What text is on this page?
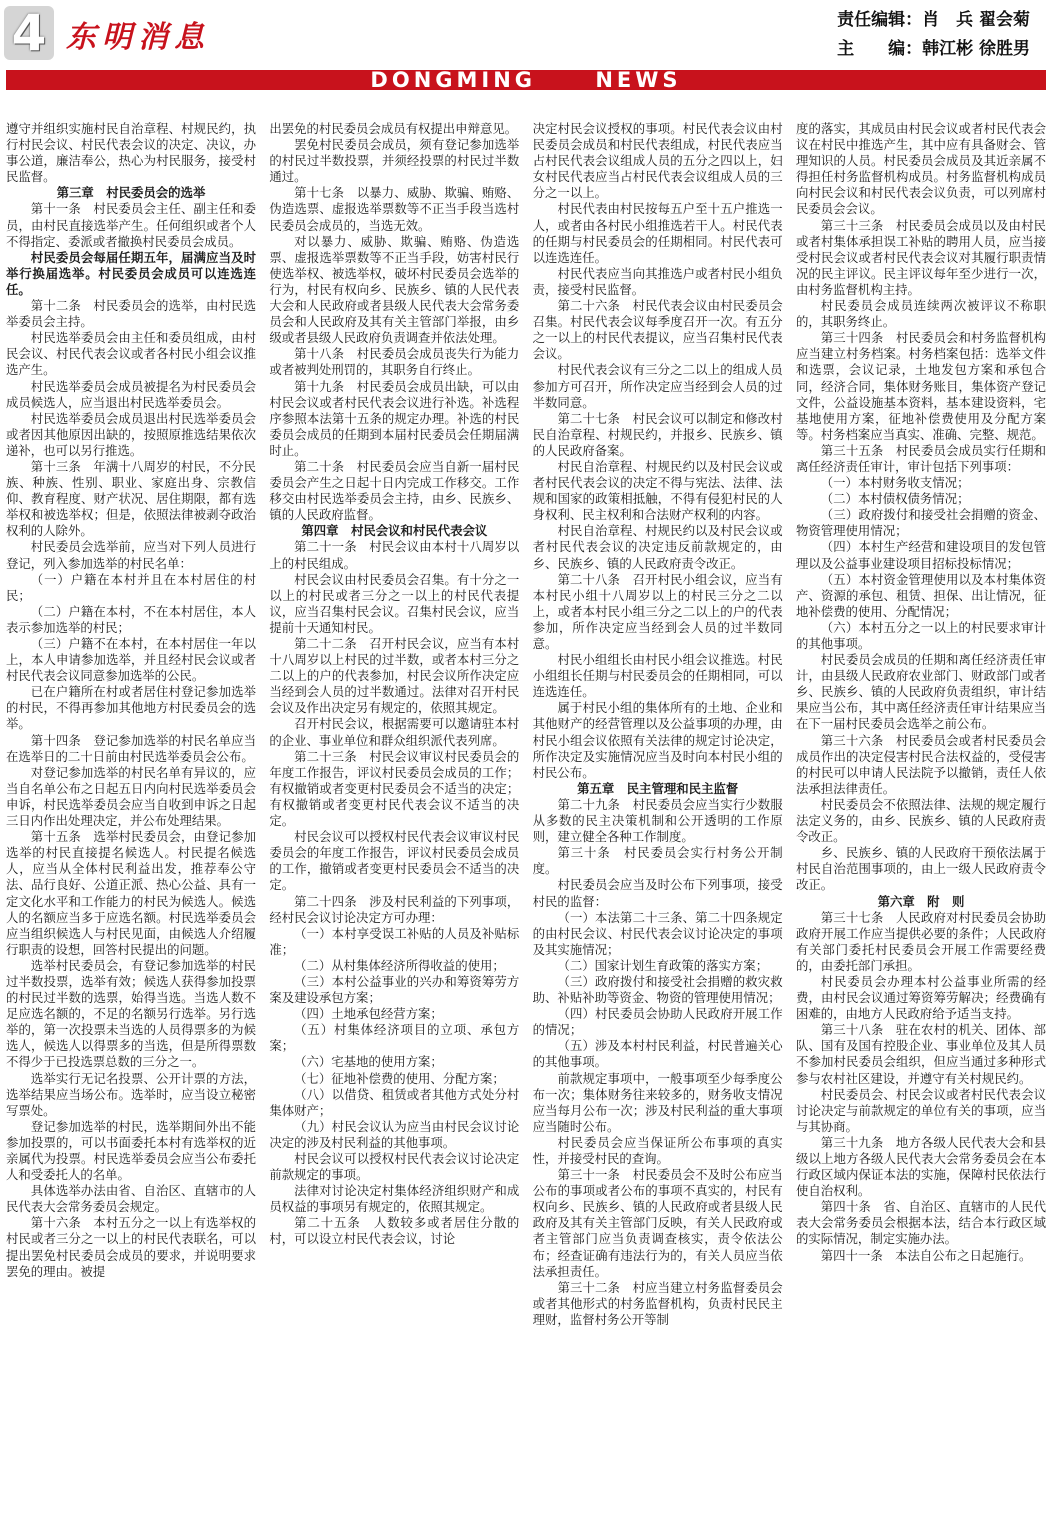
4 东明消息	责任编辑：肖　兵 翟会菊
主　　编：韩江彬 徐胜男
DONGMING NEWS

遵守并组织实施村民自治章程、村规民约，执行村民会议、村民代表会议的决定、决议，办事公道，廉洁奉公，热心为村民服务，接受村民监督。

第三章　村民委员会的选举

第十一条　村民委员会主任、副主任和委员，由村民直接选举产生。任何组织或者个人不得指定、委派或者撤换村民委员会成员。

村民委员会每届任期五年，届满应当及时举行换届选举。村民委员会成员可以连选连任。

第十二条　村民委员会的选举，由村民选举委员会主持。

村民选举委员会由主任和委员组成，由村民会议、村民代表会议或者各村民小组会议推选产生。

村民选举委员会成员被提名为村民委员会成员候选人，应当退出村民选举委员会。

村民选举委员会成员退出村民选举委员会或者因其他原因出缺的，按照原推选结果依次递补，也可以另行推选。

第十三条　年满十八周岁的村民，不分民族、种族、性别、职业、家庭出身、宗教信仰、教育程度、财产状况、居住期限，都有选举权和被选举权；但是，依照法律被剥夺政治权利的人除外。

村民委员会选举前，应当对下列人员进行登记，列入参加选举的村民名单：

（一）户籍在本村并且在本村居住的村民；

（二）户籍在本村，不在本村居住，本人表示参加选举的村民；

（三）户籍不在本村，在本村居住一年以上，本人申请参加选举，并且经村民会议或者村民代表会议同意参加选举的公民。

已在户籍所在村或者居住村登记参加选举的村民，不得再参加其他地方村民委员会的选举。

第十四条　登记参加选举的村民名单应当在选举日的二十日前由村民选举委员会公布。

对登记参加选举的村民名单有异议的，应当自名单公布之日起五日内向村民选举委员会申诉，村民选举委员会应当自收到申诉之日起三日内作出处理决定，并公布处理结果。

第十五条　选举村民委员会，由登记参加选举的村民直接提名候选人。村民提名候选人，应当从全体村民利益出发，推荐奉公守法、品行良好、公道正派、热心公益、具有一定文化水平和工作能力的村民为候选人。候选人的名额应当多于应选名额。村民选举委员会应当组织候选人与村民见面，由候选人介绍履行职责的设想，回答村民提出的问题。

选举村民委员会，有登记参加选举的村民过半数投票，选举有效；候选人获得参加投票的村民过半数的选票，始得当选。当选人数不足应选名额的，不足的名额另行选举。另行选举的，第一次投票未当选的人员得票多的为候选人，候选人以得票多的当选，但是所得票数不得少于已投选票总数的三分之一。

选举实行无记名投票、公开计票的方法，选举结果应当场公布。选举时，应当设立秘密写票处。

登记参加选举的村民，选举期间外出不能参加投票的，可以书面委托本村有选举权的近亲属代为投票。村民选举委员会应当公布委托人和受委托人的名单。

具体选举办法由省、自治区、直辖市的人民代表大会常务委员会规定。

第十六条　本村五分之一以上有选举权的村民或者三分之一以上的村民代表联名，可以提出罢免村民委员会成员的要求，并说明要求罢免的理由。被提

出罢免的村民委员会成员有权提出申辩意见。

罢免村民委员会成员，须有登记参加选举的村民过半数投票，并须经投票的村民过半数通过。

第十七条　以暴力、威胁、欺骗、贿赂、伪造选票、虚报选举票数等不正当手段当选村民委员会成员的，当选无效。

对以暴力、威胁、欺骗、贿赂、伪造选票、虚报选举票数等不正当手段，妨害村民行使选举权、被选举权，破坏村民委员会选举的行为，村民有权向乡、民族乡、镇的人民代表大会和人民政府或者县级人民代表大会常务委员会和人民政府及其有关主管部门举报，由乡级或者县级人民政府负责调查并依法处理。

第十八条　村民委员会成员丧失行为能力或者被判处刑罚的，其职务自行终止。

第十九条　村民委员会成员出缺，可以由村民会议或者村民代表会议进行补选。补选程序参照本法第十五条的规定办理。补选的村民委员会成员的任期到本届村民委员会任期届满时止。

第二十条　村民委员会应当自新一届村民委员会产生之日起十日内完成工作移交。工作移交由村民选举委员会主持，由乡、民族乡、镇的人民政府监督。

第四章　村民会议和村民代表会议

第二十一条　村民会议由本村十八周岁以上的村民组成。

村民会议由村民委员会召集。有十分之一以上的村民或者三分之一以上的村民代表提议，应当召集村民会议。召集村民会议，应当提前十天通知村民。

第二十二条　召开村民会议，应当有本村十八周岁以上村民的过半数，或者本村三分之二以上的户的代表参加，村民会议所作决定应当经到会人员的过半数通过。法律对召开村民会议及作出决定另有规定的，依照其规定。

召开村民会议，根据需要可以邀请驻本村的企业、事业单位和群众组织派代表列席。

第二十三条　村民会议审议村民委员会的年度工作报告，评议村民委员会成员的工作；有权撤销或者变更村民委员会不适当的决定；有权撤销或者变更村民代表会议不适当的决定。

村民会议可以授权村民代表会议审议村民委员会的年度工作报告，评议村民委员会成员的工作，撤销或者变更村民委员会不适当的决定。

第二十四条　涉及村民利益的下列事项，经村民会议讨论决定方可办理：

（一）本村享受误工补贴的人员及补贴标准；

（二）从村集体经济所得收益的使用；

（三）本村公益事业的兴办和筹资筹劳方案及建设承包方案；

（四）土地承包经营方案；

（五）村集体经济项目的立项、承包方案；

（六）宅基地的使用方案；

（七）征地补偿费的使用、分配方案；

（八）以借贷、租赁或者其他方式处分村集体财产；

（九）村民会议认为应当由村民会议讨论决定的涉及村民利益的其他事项。

村民会议可以授权村民代表会议讨论决定前款规定的事项。

法律对讨论决定村集体经济组织财产和成员权益的事项另有规定的，依照其规定。

第二十五条　人数较多或者居住分散的村，可以设立村民代表会议，讨论

决定村民会议授权的事项。村民代表会议由村民委员会成员和村民代表组成，村民代表应当占村民代表会议组成人员的五分之四以上，妇女村民代表应当占村民代表会议组成人员的三分之一以上。

村民代表由村民按每五户至十五户推选一人，或者由各村民小组推选若干人。村民代表的任期与村民委员会的任期相同。村民代表可以连选连任。

村民代表应当向其推选户或者村民小组负责，接受村民监督。

第二十六条　村民代表会议由村民委员会召集。村民代表会议每季度召开一次。有五分之一以上的村民代表提议，应当召集村民代表会议。

村民代表会议有三分之二以上的组成人员参加方可召开，所作决定应当经到会人员的过半数同意。

第二十七条　村民会议可以制定和修改村民自治章程、村规民约，并报乡、民族乡、镇的人民政府备案。

村民自治章程、村规民约以及村民会议或者村民代表会议的决定不得与宪法、法律、法规和国家的政策相抵触，不得有侵犯村民的人身权利、民主权利和合法财产权利的内容。

村民自治章程、村规民约以及村民会议或者村民代表会议的决定违反前款规定的，由乡、民族乡、镇的人民政府责令改正。

第二十八条　召开村民小组会议，应当有本村民小组十八周岁以上的村民三分之二以上，或者本村民小组三分之二以上的户的代表参加，所作决定应当经到会人员的过半数同意。

村民小组组长由村民小组会议推选。村民小组组长任期与村民委员会的任期相同，可以连选连任。

属于村民小组的集体所有的土地、企业和其他财产的经营管理以及公益事项的办理，由村民小组会议依照有关法律的规定讨论决定，所作决定及实施情况应当及时向本村民小组的村民公布。

第五章　民主管理和民主监督

第二十九条　村民委员会应当实行少数服从多数的民主决策机制和公开透明的工作原则，建立健全各种工作制度。

第三十条　村民委员会实行村务公开制度。

村民委员会应当及时公布下列事项，接受村民的监督：

（一）本法第二十三条、第二十四条规定的由村民会议、村民代表会议讨论决定的事项及其实施情况；

（二）国家计划生育政策的落实方案；

（三）政府拨付和接受社会捐赠的救灾救助、补贴补助等资金、物资的管理使用情况；

（四）村民委员会协助人民政府开展工作的情况；

（五）涉及本村村民利益，村民普遍关心的其他事项。

前款规定事项中，一般事项至少每季度公布一次；集体财务往来较多的，财务收支情况应当每月公布一次；涉及村民利益的重大事项应当随时公布。

村民委员会应当保证所公布事项的真实性，并接受村民的查询。

第三十一条　村民委员会不及时公布应当公布的事项或者公布的事项不真实的，村民有权向乡、民族乡、镇的人民政府或者县级人民政府及其有关主管部门反映，有关人民政府或者主管部门应当负责调查核实，责令依法公布；经查证确有违法行为的，有关人员应当依法承担责任。

第三十二条　村应当建立村务监督委员会或者其他形式的村务监督机构，负责村民民主理财，监督村务公开等制

度的落实，其成员由村民会议或者村民代表会议在村民中推选产生，其中应有具备财会、管理知识的人员。村民委员会成员及其近亲属不得担任村务监督机构成员。村务监督机构成员向村民会议和村民代表会议负责，可以列席村民委员会会议。

第三十三条　村民委员会成员以及由村民或者村集体承担误工补贴的聘用人员，应当接受村民会议或者村民代表会议对其履行职责情况的民主评议。民主评议每年至少进行一次，由村务监督机构主持。

村民委员会成员连续两次被评议不称职的，其职务终止。

第三十四条　村民委员会和村务监督机构应当建立村务档案。村务档案包括：选举文件和选票，会议记录，土地发包方案和承包合同，经济合同，集体财务账目，集体资产登记文件，公益设施基本资料，基本建设资料，宅基地使用方案，征地补偿费使用及分配方案等。村务档案应当真实、准确、完整、规范。

第三十五条　村民委员会成员实行任期和离任经济责任审计，审计包括下列事项：

（一）本村财务收支情况；

（二）本村债权债务情况；

（三）政府拨付和接受社会捐赠的资金、物资管理使用情况；

（四）本村生产经营和建设项目的发包管理以及公益事业建设项目招标投标情况；

（五）本村资金管理使用以及本村集体资产、资源的承包、租赁、担保、出让情况，征地补偿费的使用、分配情况；

（六）本村五分之一以上的村民要求审计的其他事项。

村民委员会成员的任期和离任经济责任审计，由县级人民政府农业部门、财政部门或者乡、民族乡、镇的人民政府负责组织，审计结果应当公布，其中离任经济责任审计结果应当在下一届村民委员会选举之前公布。

第三十六条　村民委员会或者村民委员会成员作出的决定侵害村民合法权益的，受侵害的村民可以申请人民法院予以撤销，责任人依法承担法律责任。

村民委员会不依照法律、法规的规定履行法定义务的，由乡、民族乡、镇的人民政府责令改正。

乡、民族乡、镇的人民政府干预依法属于村民自治范围事项的，由上一级人民政府责令改正。

第六章　附　则

第三十七条　人民政府对村民委员会协助政府开展工作应当提供必要的条件；人民政府有关部门委托村民委员会开展工作需要经费的，由委托部门承担。

村民委员会办理本村公益事业所需的经费，由村民会议通过筹资筹劳解决；经费确有困难的，由地方人民政府给予适当支持。

第三十八条　驻在农村的机关、团体、部队、国有及国有控股企业、事业单位及其人员不参加村民委员会组织，但应当通过多种形式参与农村社区建设，并遵守有关村规民约。

村民委员会、村民会议或者村民代表会议讨论决定与前款规定的单位有关的事项，应当与其协商。

第三十九条　地方各级人民代表大会和县级以上地方各级人民代表大会常务委员会在本行政区域内保证本法的实施，保障村民依法行使自治权利。

第四十条　省、自治区、直辖市的人民代表大会常务委员会根据本法，结合本行政区域的实际情况，制定实施办法。

第四十一条　本法自公布之日起施行。
